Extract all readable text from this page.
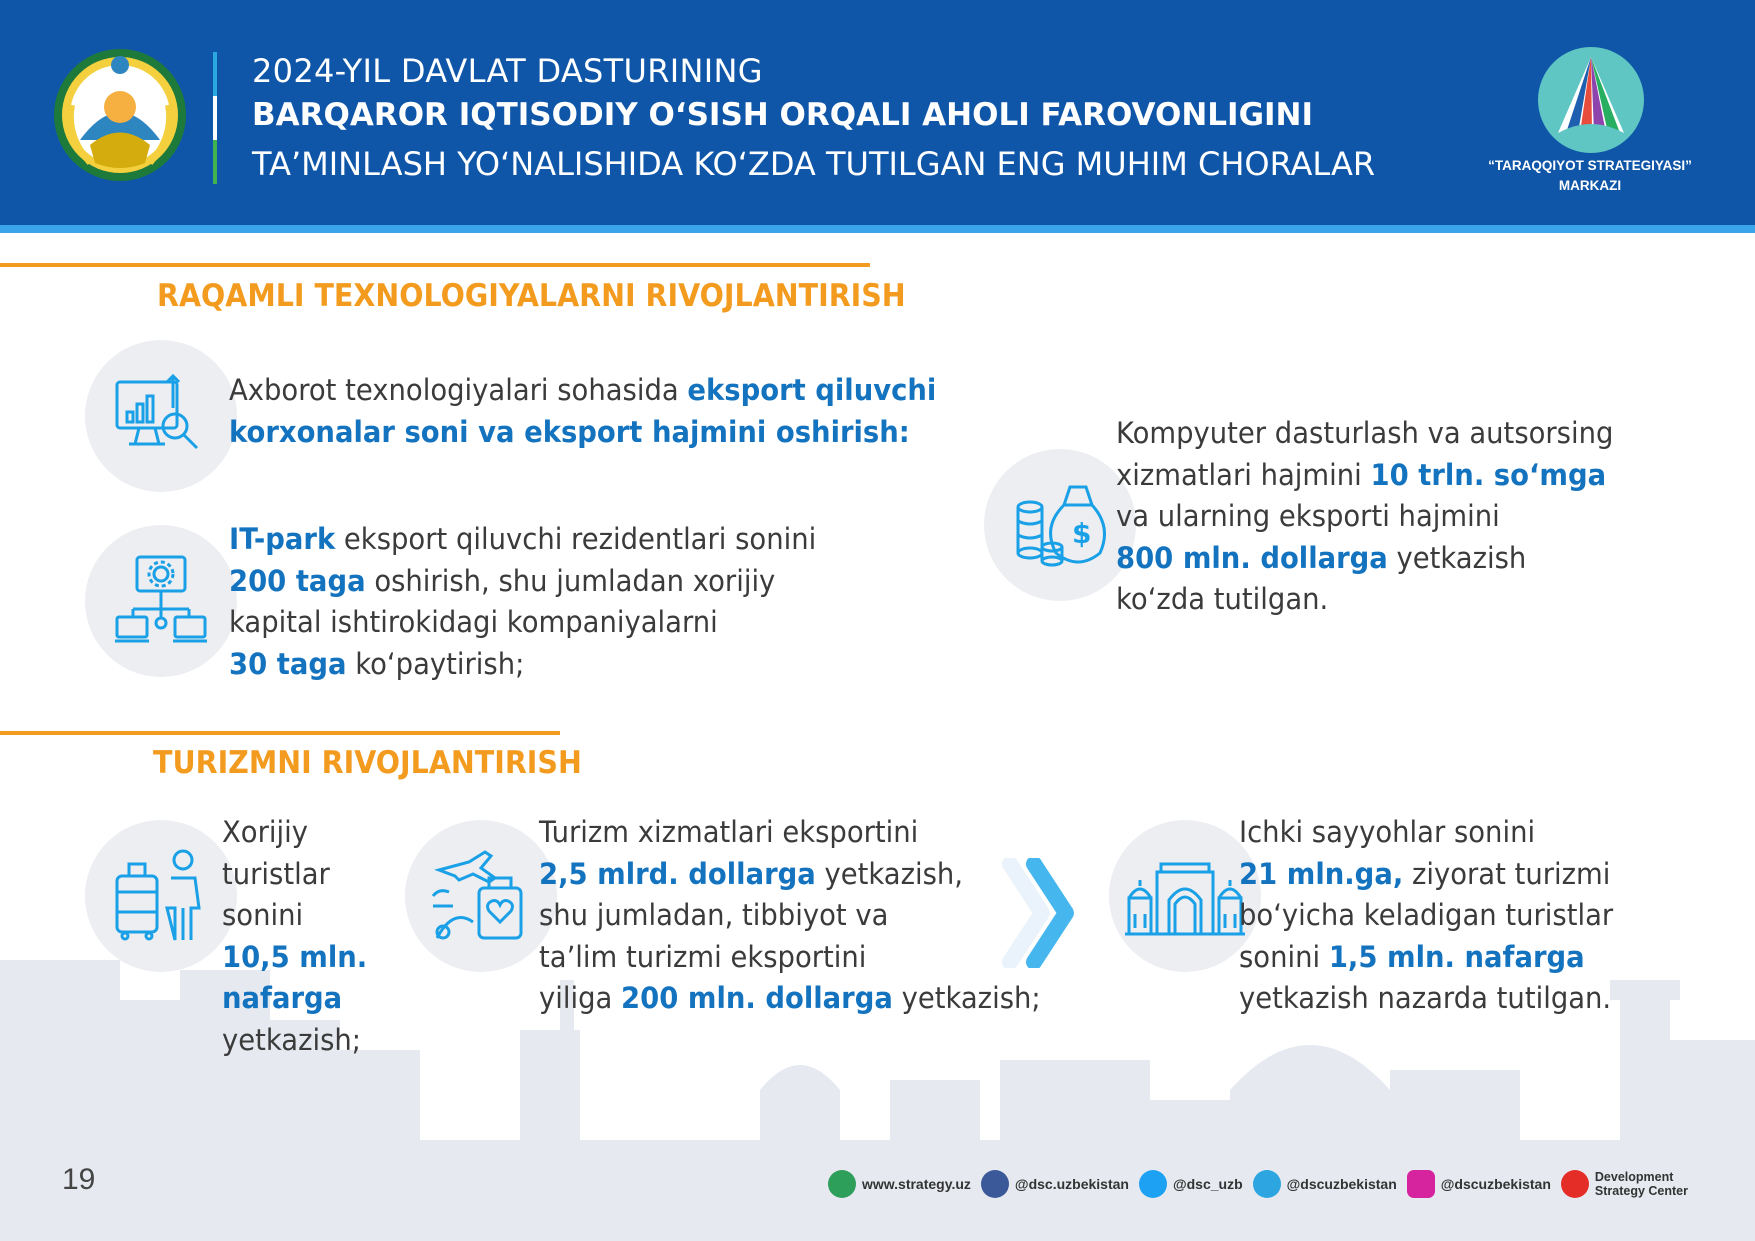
2024-YIL DAVLAT DASTURINING
BARQAROR IQTISODIY OʻSISH ORQALI AHOLI FAROVONLIGINI
TAʼMINLASH YOʻNALISHIDA KOʻZDA TUTILGAN ENG MUHIM CHORALAR	“TARAQQIYOT STRATEGIYASI”
MARKAZI
RAQAMLI TEXNOLOGIYALARNI RIVOJLANTIRISH
Axborot texnologiyalari sohasida eksport qiluvchi
korxonalar soni va eksport hajmini oshirish:
IT-park eksport qiluvchi rezidentlari sonini
200 taga oshirish, shu jumladan xorijiy
kapital ishtirokidagi kompaniyalarni
30 taga koʻpaytirish;
$
Kompyuter dasturlash va autsorsing
xizmatlari hajmini 10 trln. soʻmga
va ularning eksporti hajmini
800 mln. dollarga yetkazish
koʻzda tutilgan.
TURIZMNI RIVOJLANTIRISH
Xorijiy
turistlar
sonini
10,5 mln.
nafarga
yetkazish;
Turizm xizmatlari eksportini
2,5 mlrd. dollarga yetkazish,
shu jumladan, tibbiyot va
taʼlim turizmi eksportini
yiliga 200 mln. dollarga yetkazish;
Ichki sayyohlar sonini
21 mln.ga, ziyorat turizmi
boʻyicha keladigan turistlar
sonini 1,5 mln. nafarga
yetkazish nazarda tutilgan.
19	www.strategy.uz	@dsc.uzbekistan	@dsc_uzb	@dscuzbekistan	@dscuzbekistan	Development
Strategy Center
